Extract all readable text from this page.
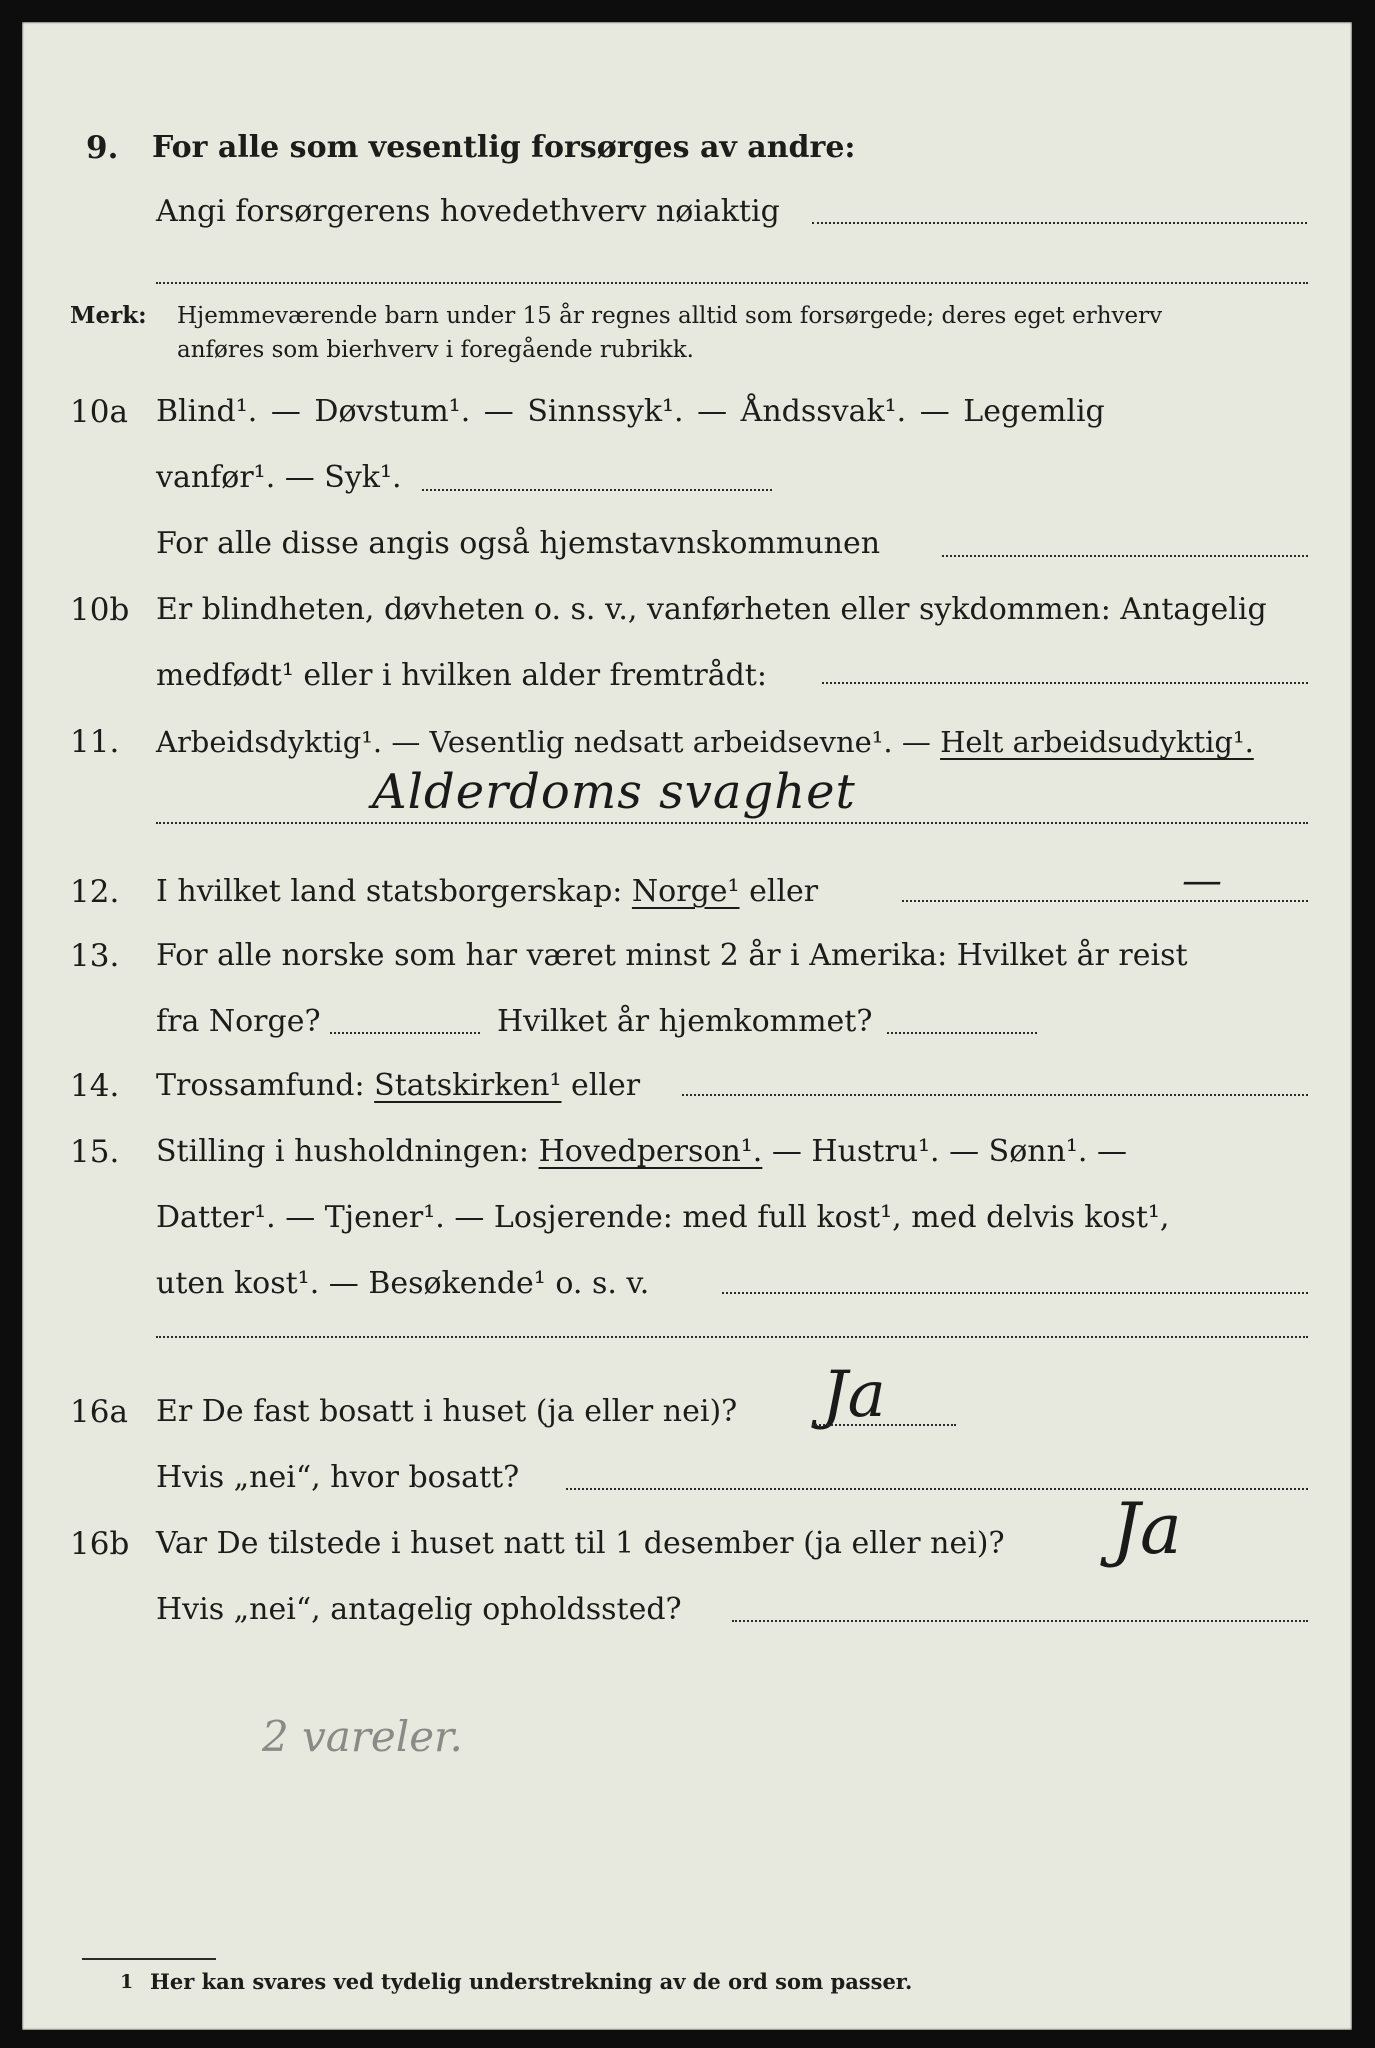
9. For alle som vesentlig forsørges av andre:
Angi forsørgerens hovedethverv nøiaktig
Merk: Hjemmeværende barn under 15 år regnes alltid som forsørgede; deres eget erhverv
anføres som bierhverv i foregående rubrikk.
10a Blind¹. — Døvstum¹. — Sinnssyk¹. — Åndssvak¹. — Legemlig
vanfør¹. — Syk¹.
For alle disse angis også hjemstavnskommunen
10b Er blindheten, døvheten o. s. v., vanførheten eller sykdommen: Antagelig
medfødt¹ eller i hvilken alder fremtrådt:
11. Arbeidsdyktig¹. — Vesentlig nedsatt arbeidsevne¹. — Helt arbeidsudyktig¹.
Alderdoms svaghet
12. I hvilket land statsborgerskap: Norge¹ eller	—
13. For alle norske som har været minst 2 år i Amerika: Hvilket år reist
fra Norge?	Hvilket år hjemkommet?
14. Trossamfund: Statskirken¹ eller
15. Stilling i husholdningen: Hovedperson¹. — Hustru¹. — Sønn¹. —
Datter¹. — Tjener¹. — Losjerende: med full kost¹, med delvis kost¹,
uten kost¹. — Besøkende¹ o. s. v.
16a Er De fast bosatt i huset (ja eller nei)? Ja
Hvis „nei“, hvor bosatt?
16b Var De tilstede i huset natt til 1 desember (ja eller nei)? Ja
Hvis „nei“, antagelig opholdssted?
2 vareler.
1 Her kan svares ved tydelig understrekning av de ord som passer.
